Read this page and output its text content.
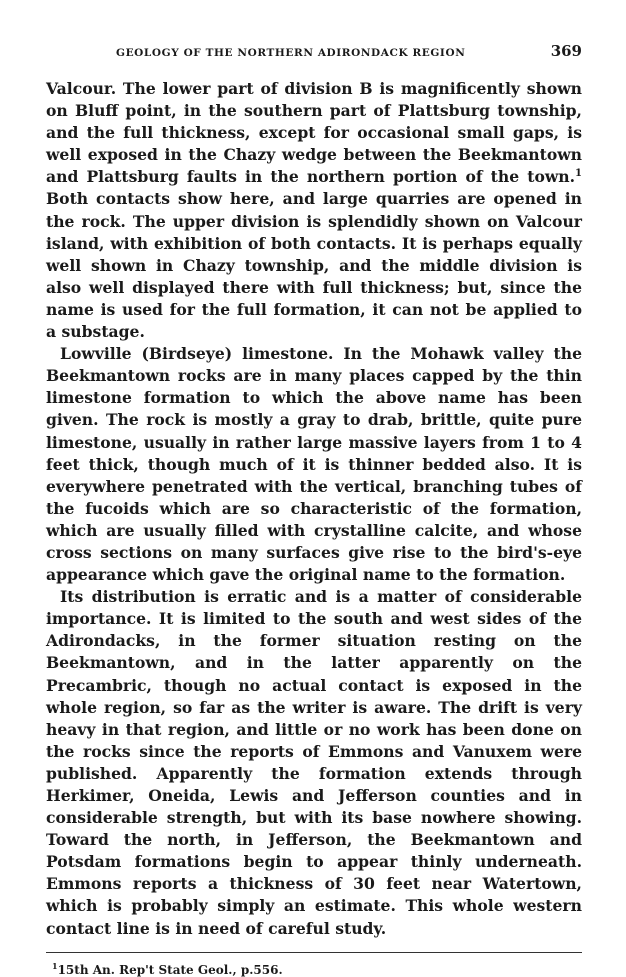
GEOLOGY OF THE NORTHERN ADIRONDACK REGION	369

Valcour. The lower part of division B is magnificently shown on Bluff point, in the southern part of Plattsburg township, and the full thickness, except for occasional small gaps, is well exposed in the Chazy wedge between the Beekmantown and Plattsburg faults in the northern portion of the town.$^1$ Both contacts show here, and large quarries are opened in the rock. The upper division is splendidly shown on Valcour island, with exhibition of both contacts. It is perhaps equally well shown in Chazy township, and the middle division is also well displayed there with full thickness; but, since the name is used for the full formation, it can not be applied to a substage.

Lowville (Birdseye) limestone. In the Mohawk valley the Beekmantown rocks are in many places capped by the thin limestone formation to which the above name has been given. The rock is mostly a gray to drab, brittle, quite pure limestone, usually in rather large massive layers from 1 to 4 feet thick, though much of it is thinner bedded also. It is everywhere penetrated with the vertical, branching tubes of the fucoids which are so characteristic of the formation, which are usually filled with crystalline calcite, and whose cross sections on many surfaces give rise to the bird's-eye appearance which gave the original name to the formation.

Its distribution is erratic and is a matter of considerable importance. It is limited to the south and west sides of the Adirondacks, in the former situation resting on the Beekmantown, and in the latter apparently on the Precambric, though no actual contact is exposed in the whole region, so far as the writer is aware. The drift is very heavy in that region, and little or no work has been done on the rocks since the reports of Emmons and Vanuxem were published. Apparently the formation extends through Herkimer, Oneida, Lewis and Jefferson counties and in considerable strength, but with its base nowhere showing. Toward the north, in Jefferson, the Beekmantown and Potsdam formations begin to appear thinly underneath. Emmons reports a thickness of 30 feet near Watertown, which is probably simply an estimate. This whole western contact line is in need of careful study.

$^1$15th An. Rep't State Geol., p.556.
